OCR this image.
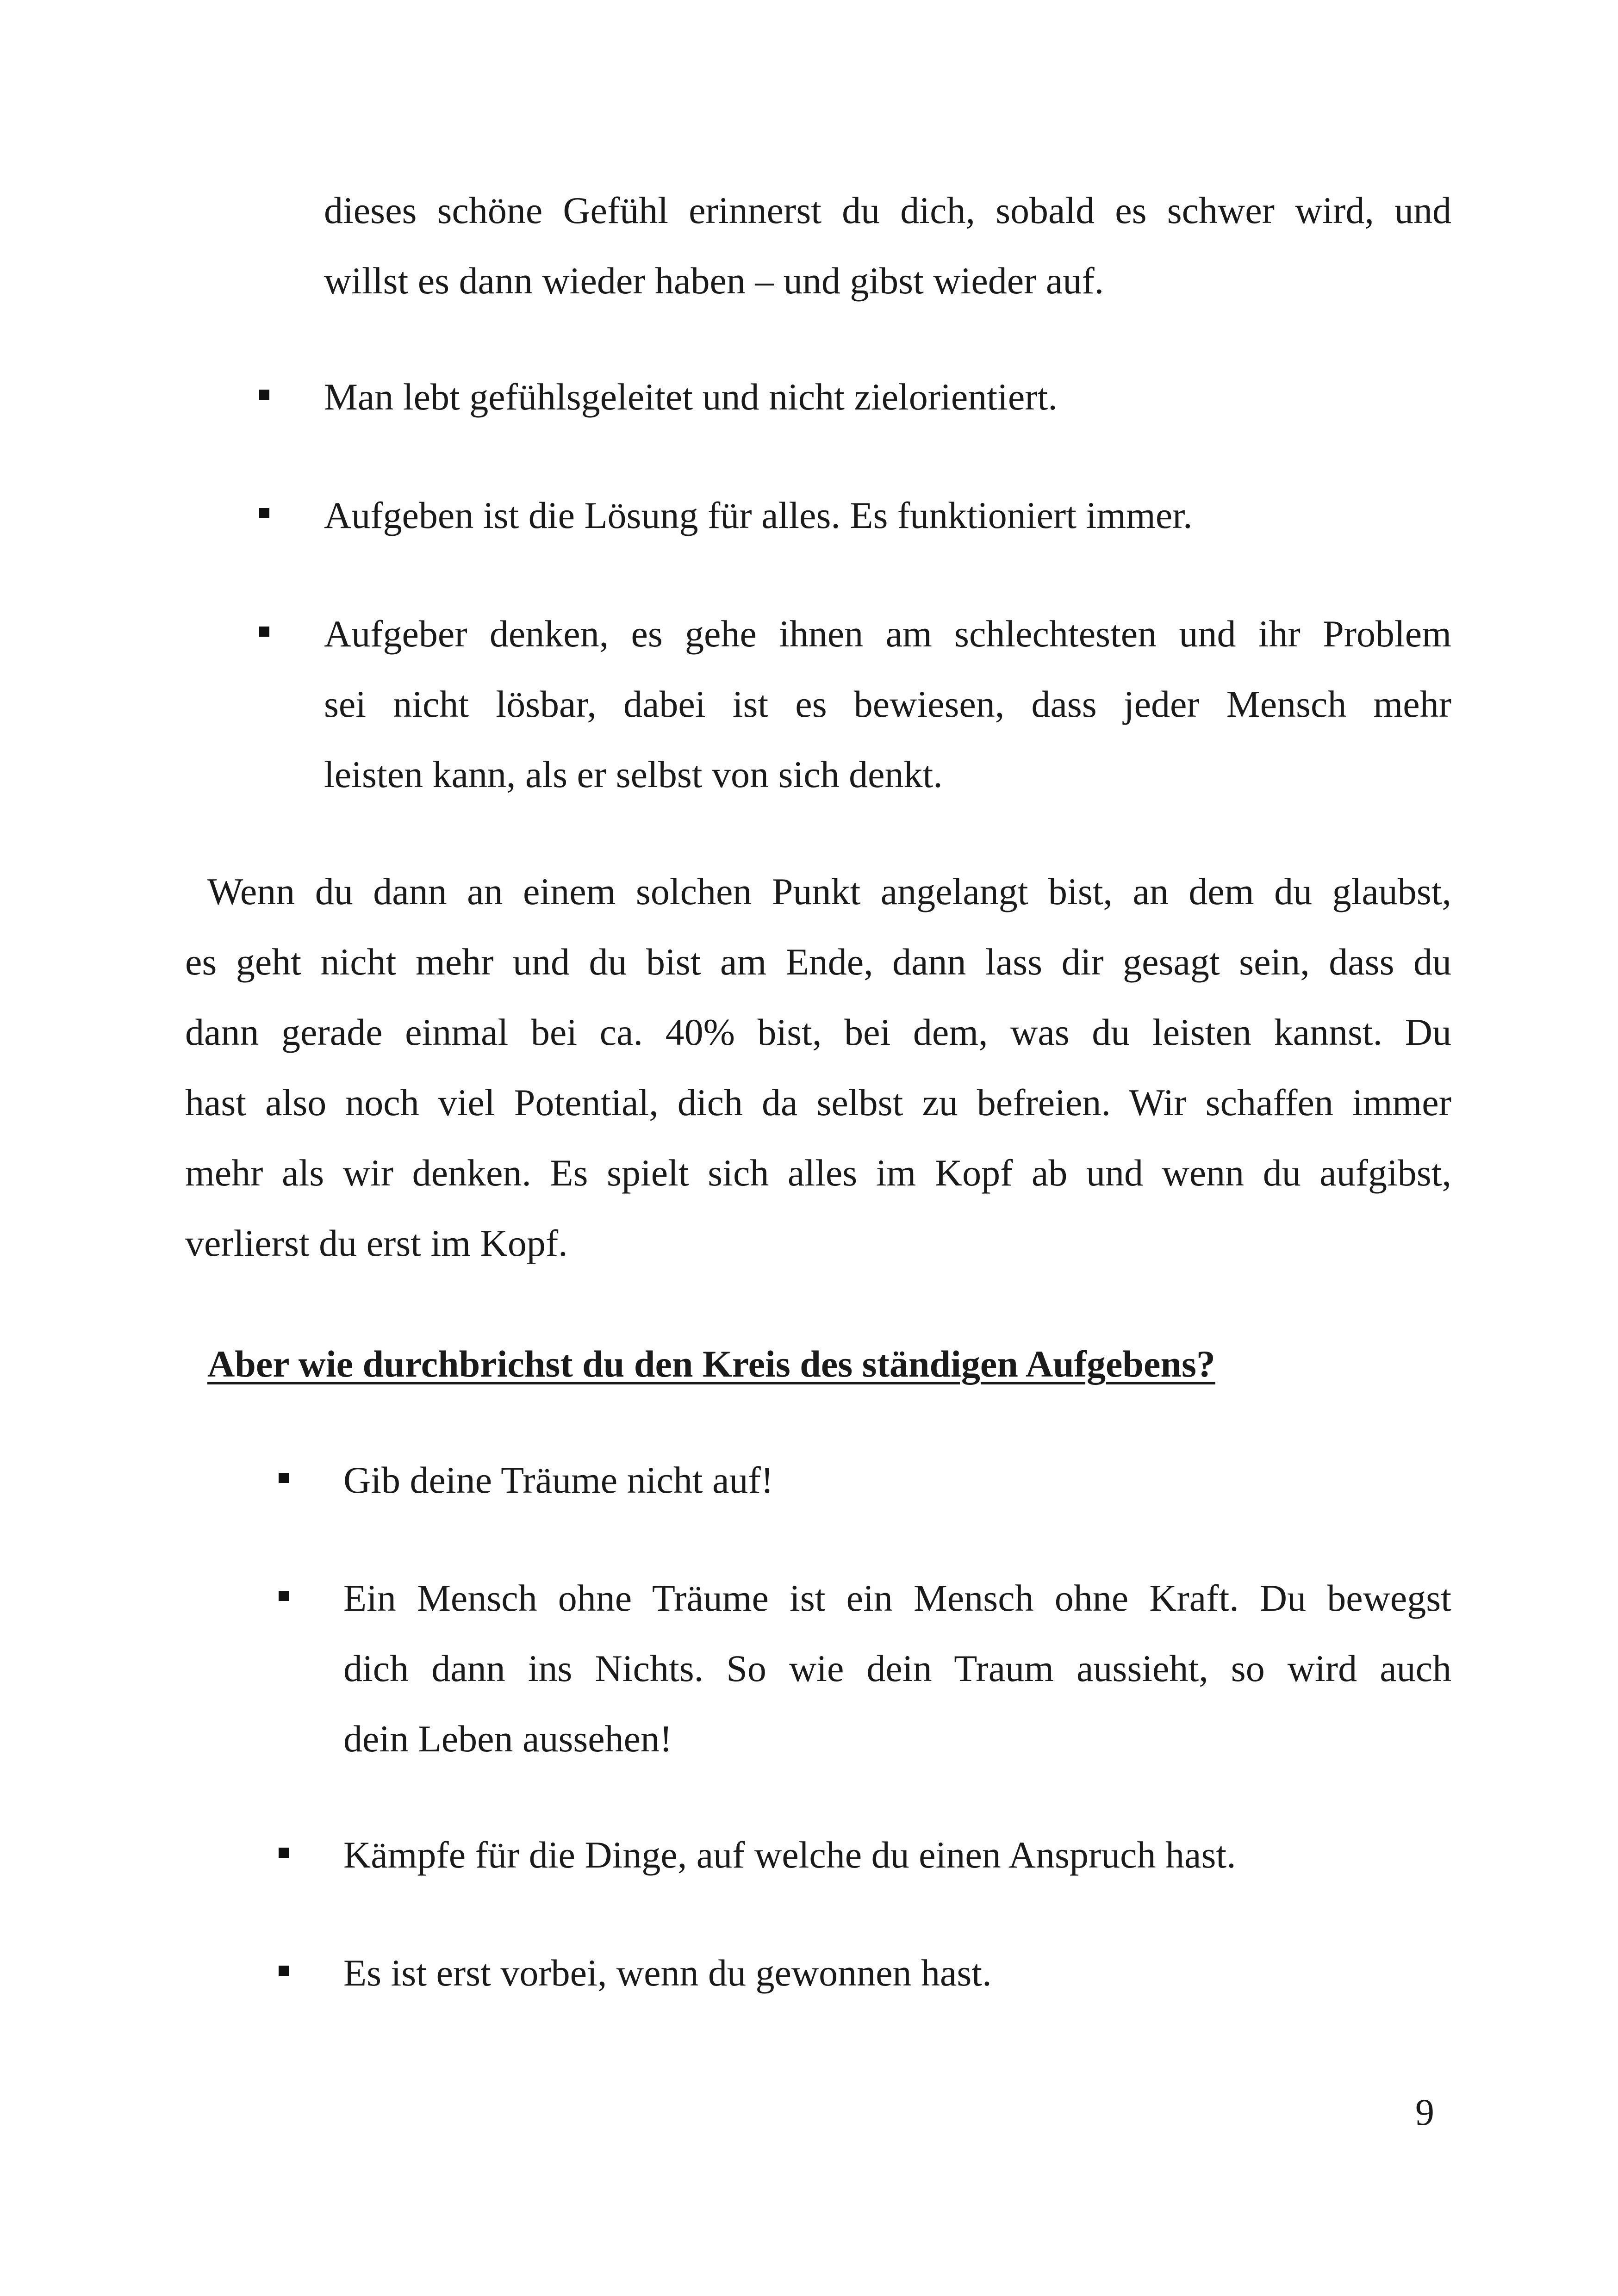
dieses schöne Gefühl erinnerst du dich, sobald es schwer wird, und
willst es dann wieder haben – und gibst wieder auf.
Man lebt gefühlsgeleitet und nicht zielorientiert.
Aufgeben ist die Lösung für alles. Es funktioniert immer.
Aufgeber denken, es gehe ihnen am schlechtesten und ihr Problem
sei nicht lösbar, dabei ist es bewiesen, dass jeder Mensch mehr
leisten kann, als er selbst von sich denkt.
Wenn du dann an einem solchen Punkt angelangt bist, an dem du glaubst,
es geht nicht mehr und du bist am Ende, dann lass dir gesagt sein, dass du
dann gerade einmal bei ca. 40% bist, bei dem, was du leisten kannst. Du
hast also noch viel Potential, dich da selbst zu befreien. Wir schaffen immer
mehr als wir denken. Es spielt sich alles im Kopf ab und wenn du aufgibst,
verlierst du erst im Kopf.
Aber wie durchbrichst du den Kreis des ständigen Aufgebens?
Gib deine Träume nicht auf!
Ein Mensch ohne Träume ist ein Mensch ohne Kraft. Du bewegst
dich dann ins Nichts. So wie dein Traum aussieht, so wird auch
dein Leben aussehen!
Kämpfe für die Dinge, auf welche du einen Anspruch hast.
Es ist erst vorbei, wenn du gewonnen hast.
9
